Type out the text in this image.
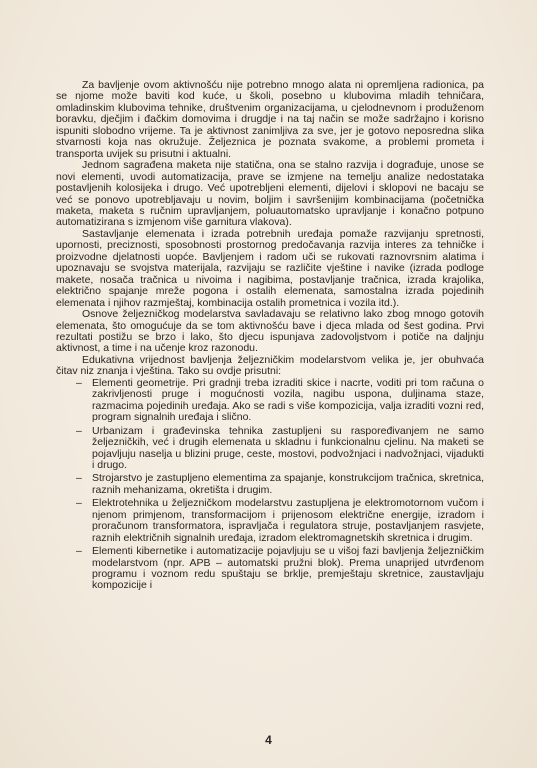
Za bavljenje ovom aktivnošću nije potrebno mnogo alata ni opremljena radionica, pa se njome može baviti kod kuće, u školi, posebno u klubovima mladih tehničara, omladinskim klubovima tehnike, društvenim organizacijama, u cjelodnevnom i produženom boravku, dječjim i đačkim domovima i drugdje i na taj način se može sadržajno i korisno ispuniti slobodno vrijeme. Ta je aktivnost zanimljiva za sve, jer je gotovo neposredna slika stvarnosti koja nas okružuje. Željeznica je poznata svakome, a problemi prometa i transporta uvijek su prisutni i aktualni.

Jednom sagrađena maketa nije statična, ona se stalno razvija i dograđuje, unose se novi elementi, uvodi automatizacija, prave se izmjene na temelju analize nedostataka postavljenih kolosijeka i drugo. Već upotrebljeni elementi, dijelovi i sklopovi ne bacaju se već se ponovo upotrebljavaju u novim, boljim i savršenijim kombinacijama (početnička maketa, maketa s ručnim upravljanjem, poluautomatsko upravljanje i konačno potpuno automatizirana s izmjenom više garnitura vlakova).

Sastavljanje elemenata i izrada potrebnih uređaja pomaže razvijanju spretnosti, upornosti, preciznosti, sposobnosti prostornog predočavanja razvija interes za tehničke i proizvodne djelatnosti uopće. Bavljenjem i radom uči se rukovati raznovrsnim alatima i upoznavaju se svojstva materijala, razvijaju se različite vještine i navike (izrada podloge makete, nosača tračnica u nivoima i nagibima, postavljanje tračnica, izrada krajolika, električno spajanje mreže pogona i ostalih elemenata, samostalna izrada pojedinih elemenata i njihov razmještaj, kombinacija ostalih prometnica i vozila itd.).

Osnove željezničkog modelarstva savladavaju se relativno lako zbog mnogo gotovih elemenata, što omogućuje da se tom aktivnošću bave i djeca mlada od šest godina. Prvi rezultati postižu se brzo i lako, što djecu ispunjava zadovoljstvom i potiče na daljnju aktivnost, a time i na učenje kroz razonodu.

Edukativna vrijednost bavljenja željezničkim modelarstvom velika je, jer obuhvaća čitav niz znanja i vještina. Tako su ovdje prisutni:

– Elementi geometrije. Pri gradnji treba izraditi skice i nacrte, voditi pri tom računa o zakrivljenosti pruge i mogućnosti vozila, nagibu uspona, duljinama staze, razmacima pojedinih uređaja. Ako se radi s više kompozicija, valja izraditi vozni red, program signalnih uređaja i slično.
– Urbanizam i građevinska tehnika zastupljeni su raspoređivanjem ne samo željezničkih, već i drugih elemenata u skladnu i funkcionalnu cjelinu. Na maketi se pojavljuju naselja u blizini pruge, ceste, mostovi, podvožnjaci i nadvožnjaci, vijadukti i drugo.
– Strojarstvo je zastupljeno elementima za spajanje, konstrukcijom tračnica, skretnica, raznih mehanizama, okretišta i drugim.
– Elektrotehnika u željezničkom modelarstvu zastupljena je elektromotornom vučom i njenom primjenom, transformacijom i prijenosom električne energije, izradom i proračunom transformatora, ispravljača i regulatora struje, postavljanjem rasvjete, raznih električnih signalnih uređaja, izradom elektromagnetskih skretnica i drugim.
– Elementi kibernetike i automatizacije pojavljuju se u višoj fazi bavljenja željezničkim modelarstvom (npr. APB – automatski pružni blok). Prema unaprijed utvrđenom programu i voznom redu spuštaju se brklje, premještaju skretnice, zaustavljaju kompozicije i
4
